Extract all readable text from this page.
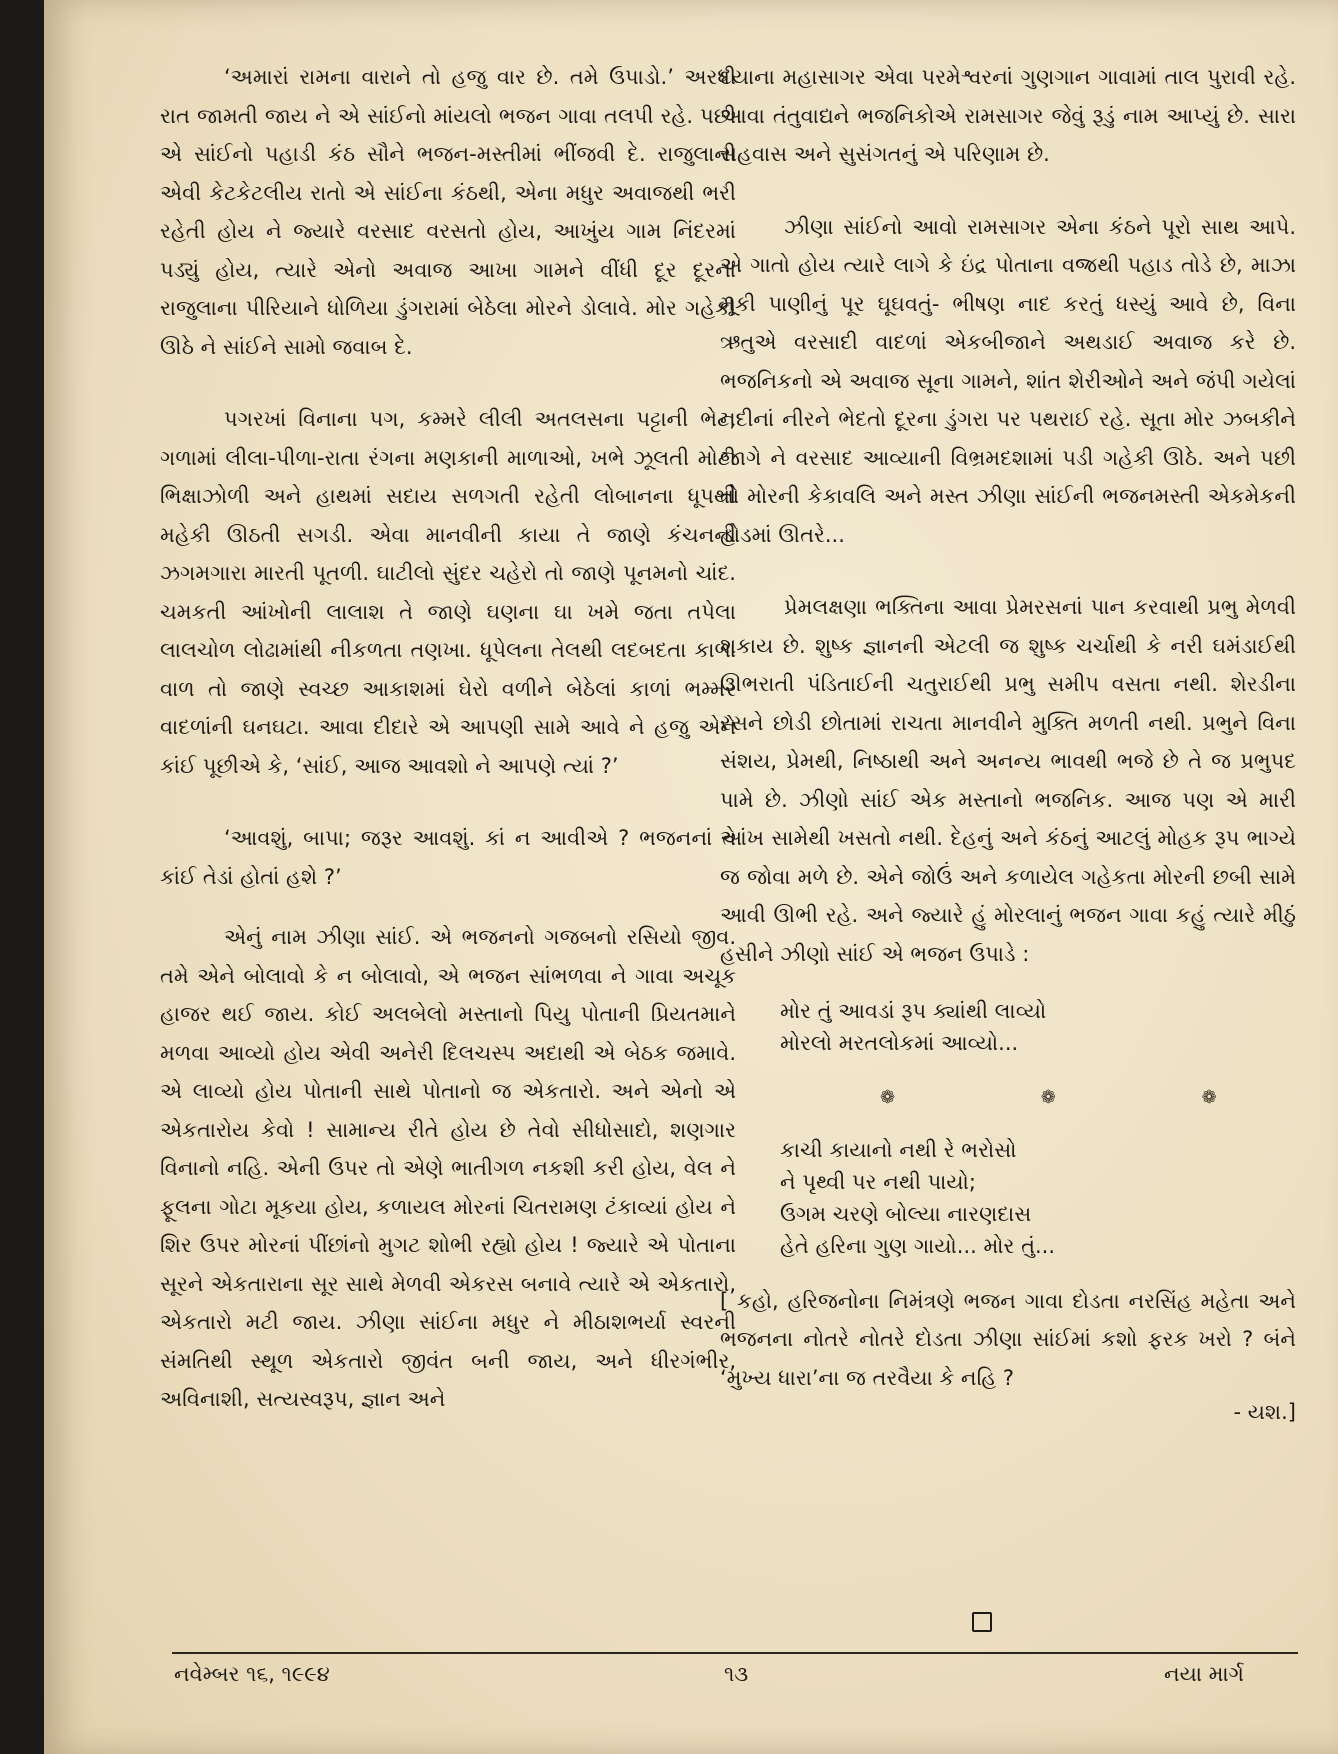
‘અમારાં રામના વારાને તો હજુ વાર છે. તમે ઉપાડો.’ અરધી રાત જામતી જાય ને એ સાંઈનો માંયલો ભજન ગાવા તલપી રહે. પછી એ સાંઈનો પહાડી કંઠ સૌને ભજન-મસ્તીમાં ભીંજવી દે. રાજુલાની એવી કેટકેટલીય રાતો એ સાંઈના કંઠથી, એના મધુર અવાજથી ભરી રહેતી હોય ને જ્યારે વરસાદ વરસતો હોય, આખુંય ગામ નિંદરમાં પડ્યું હોય, ત્યારે એનો અવાજ આખા ગામને વીંધી દૂર દૂરના રાજુલાના પીરિયાને ધોળિયા ડુંગરામાં બેઠેલા મોરને ડોલાવે. મોર ગહેકી ઊઠે ને સાંઈને સામો જવાબ દે.

પગરખાં વિનાના પગ, કમ્મરે લીલી અતલસના પટ્ટાની ભેટ, ગળામાં લીલા-પીળા-રાતા રંગના મણકાની માળાઓ, ખભે ઝૂલતી મોટી ભિક્ષાઝોળી અને હાથમાં સદાય સળગતી રહેતી લોબાનના ધૂપથી મહેકી ઊઠતી સગડી. એવા માનવીની કાયા તે જાણે કંચનની ઝગમગારા મારતી પૂતળી. ઘાટીલો સુંદર ચહેરો તો જાણે પૂનમનો ચાંદ. ચમકતી આંખોની લાલાશ તે જાણે ઘણના ઘા ખમે જતા તપેલા લાલચોળ લોઢામાંથી નીકળતા તણખા. ધૂપેલના તેલથી લદબદતા કાળા વાળ તો જાણે સ્વચ્છ આકાશમાં ઘેરો વળીને બેઠેલાં કાળાં ભમ્મર વાદળાંની ઘનઘટા. આવા દીદારે એ આપણી સામે આવે ને હજુ એને કાંઈ પૂછીએ કે, ‘સાંઈ, આજ આવશો ને આપણે ત્યાં ?’

‘આવશું, બાપા; જરૂર આવશું. કાં ન આવીએ ? ભજનનાં તે કાંઈ તેડાં હોતાં હશે ?’

એનું નામ ઝીણા સાંઈ. એ ભજનનો ગજબનો રસિયો જીવ. તમે એને બોલાવો કે ન બોલાવો, એ ભજન સાંભળવા ને ગાવા અચૂક હાજર થઈ જાય. કોઈ અલબેલો મસ્તાનો પિયુ પોતાની પ્રિયતમાને મળવા આવ્યો હોય એવી અનેરી દિલચસ્પ અદાથી એ બેઠક જમાવે. એ લાવ્યો હોય પોતાની સાથે પોતાનો જ એકતારો. અને એનો એ એકતારોય કેવો ! સામાન્ય રીતે હોય છે તેવો સીધોસાદો, શણગાર વિનાનો નહિ. એની ઉપર તો એણે ભાતીગળ નકશી કરી હોય, વેલ ને ફૂલના ગોટા મૂકયા હોય, કળાયલ મોરનાં ચિતરામણ ટંકાવ્યાં હોય ને શિર ઉપર મોરનાં પીંછાંનો મુગટ શોભી રહ્યો હોય ! જ્યારે એ પોતાના સૂરને એકતારાના સૂર સાથે મેળવી એકરસ બનાવે ત્યારે એ એકતારો, એકતારો મટી જાય. ઝીણા સાંઈના મધુર ને મીઠાશભર્યા સ્વરની સંમતિથી સ્થૂળ એકતારો જીવંત બની જાય, અને ધીરગંભીર, અવિનાશી, સત્યસ્વરૂપ, જ્ઞાન અને

દયાના મહાસાગર એવા પરમેશ્વરનાં ગુણગાન ગાવામાં તાલ પુરાવી રહે. આવા તંતુવાદ્યને ભજનિકોએ રામસાગર જેવું રૂડું નામ આપ્યું છે. સારા સહવાસ અને સુસંગતનું એ પરિણામ છે.

ઝીણા સાંઈનો આવો રામસાગર એના કંઠને પૂરો સાથ આપે. એ ગાતો હોય ત્યારે લાગે કે ઇંદ્ર પોતાના વજ્રથી પહાડ તોડે છે, માઝા મૂકી પાણીનું પૂર ઘૂઘવતું- ભીષણ નાદ કરતું ધસ્યું આવે છે, વિના ઋતુએ વરસાદી વાદળાં એકબીજાને અથડાઈ અવાજ કરે છે. ભજનિકનો એ અવાજ સૂના ગામને, શાંત શેરીઓને અને જંપી ગયેલાં નદીનાં નીરને ભેદતો દૂરના ડુંગરા પર પથરાઈ રહે. સૂતા મોર ઝબકીને જાગે ને વરસાદ આવ્યાની વિભ્રમદશામાં પડી ગહેકી ઊઠે. અને પછી તો મોરની કેકાવલિ અને મસ્ત ઝીણા સાંઈની ભજનમસ્તી એકમેકની હોડમાં ઊતરે...

પ્રેમલક્ષણા ભક્તિના આવા પ્રેમરસનાં પાન કરવાથી પ્રભુ મેળવી શકાય છે. શુષ્ક જ્ઞાનની એટલી જ શુષ્ક ચર્ચાથી કે નરી ઘમંડાઈથી ઊભરાતી પંડિતાઈની ચતુરાઈથી પ્રભુ સમીપ વસતા નથી. શેરડીના રસને છોડી છોતામાં રાચતા માનવીને મુક્તિ મળતી નથી. પ્રભુને વિના સંશય, પ્રેમથી, નિષ્ઠાથી અને અનન્ય ભાવથી ભજે છે તે જ પ્રભુપદ પામે છે. ઝીણો સાંઈ એક મસ્તાનો ભજનિક. આજ પણ એ મારી આંખ સામેથી ખસતો નથી. દેહનું અને કંઠનું આટલું મોહક રૂપ ભાગ્યે જ જોવા મળે છે. એને જોઉં અને કળાયેલ ગહેકતા મોરની છબી સામે આવી ઊભી રહે. અને જ્યારે હું મોરલાનું ભજન ગાવા કહું ત્યારે મીઠું હસીને ઝીણો સાંઈ એ ભજન ઉપાડે :

મોર તું આવડાં રૂપ ક્યાંથી લાવ્યો
મોરલો મરતલોકમાં આવ્યો...
❁ ❁ ❁
કાચી કાયાનો નથી રે ભરોસો
ને પૃથ્વી પર નથી પાયો;
ઉગમ ચરણે બોલ્યા નારણદાસ
હેતે હરિના ગુણ ગાયો... મોર તું...

[ કહો, હરિજનોના નિમંત્રણે ભજન ગાવા દોડતા નરસિંહ મહેતા અને ભજનના નોતરે નોતરે દોડતા ઝીણા સાંઈમાં કશો ફરક ખરો ? બંને ‘મુખ્ય ધારા’ના જ તરવૈયા કે નહિ ?

- યશ.]
નવેમ્બર ૧૬, ૧૯૯૪	૧૩	નયા માર્ગ
